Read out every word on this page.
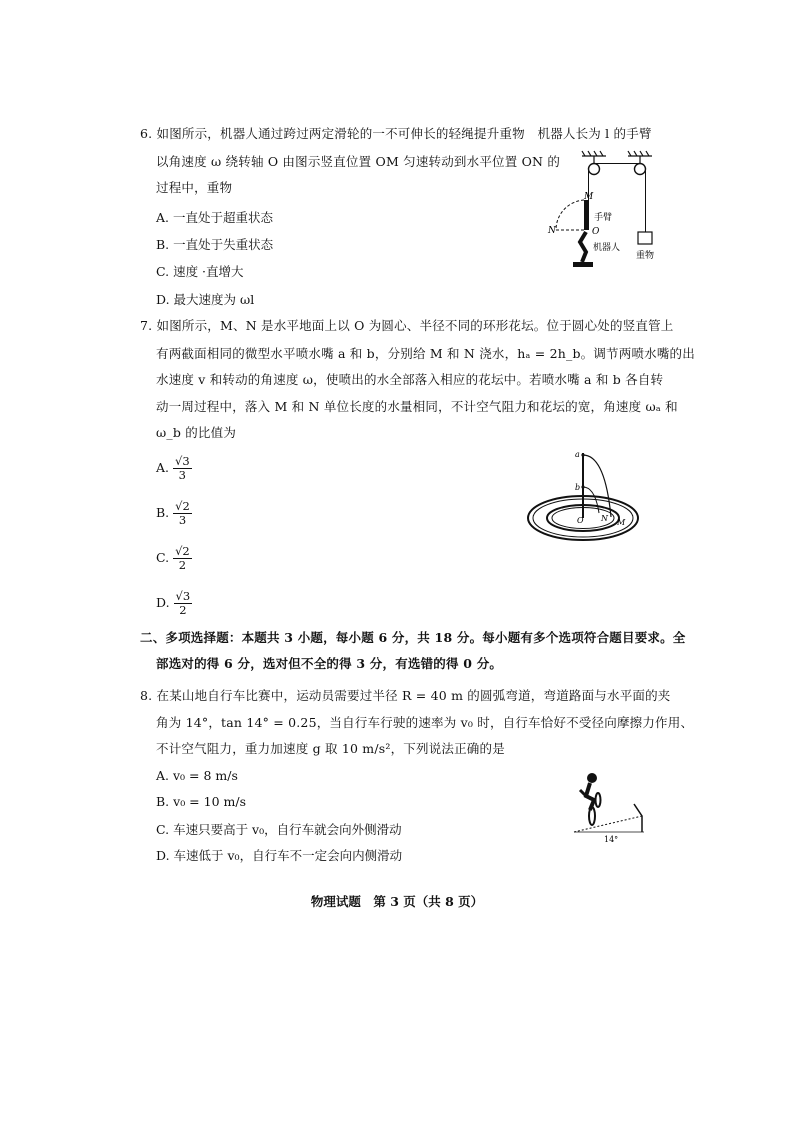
6. 如图所示，机器人通过跨过两定滑轮的一不可伸长的轻绳提升重物　机器人长为 l 的手臂
以角速度 ω 绕转轴 O 由图示竖直位置 OM 匀速转动到水平位置 ON 的
过程中，重物
A. 一直处于超重状态
B. 一直处于失重状态
C. 速度 ·直增大
D. 最大速度为 ωl
M
N	O
手臂
机器人
重物
7. 如图所示，M、N 是水平地面上以 O 为圆心、半径不同的环形花坛。位于圆心处的竖直管上
有两截面相同的微型水平喷水嘴 a 和 b，分别给 M 和 N 浇水，hₐ = 2h_b。调节两喷水嘴的出
水速度 v 和转动的角速度 ω，使喷出的水全部落入相应的花坛中。若喷水嘴 a 和 b 各自转
动一周过程中，落入 M 和 N 单位长度的水量相同，不计空气阻力和花坛的宽，角速度 ωₐ 和
ω_b 的比值为
A. $\frac{√3}{3}$
B. $\frac{√2}{3}$
C. $\frac{√2}{2}$
D. $\frac{√3}{2}$
a
b
O	M
N
二、多项选择题：本题共 3 小题，每小题 6 分，共 18 分。每小题有多个选项符合题目要求。全
部选对的得 6 分，选对但不全的得 3 分，有选错的得 0 分。
8. 在某山地自行车比赛中，运动员需要过半径 R = 40 m 的圆弧弯道，弯道路面与水平面的夹
角为 14°，tan 14° = 0.25，当自行车行驶的速率为 v₀ 时，自行车恰好不受径向摩擦力作用、
不计空气阻力，重力加速度 g 取 10 m/s²，下列说法正确的是
A. v₀ = 8 m/s
B. v₀ = 10 m/s
C. 车速只要高于 v₀，自行车就会向外侧滑动
D. 车速低于 v₀，自行车不一定会向内侧滑动
14°
物理试题　第 3 页（共 8 页）
